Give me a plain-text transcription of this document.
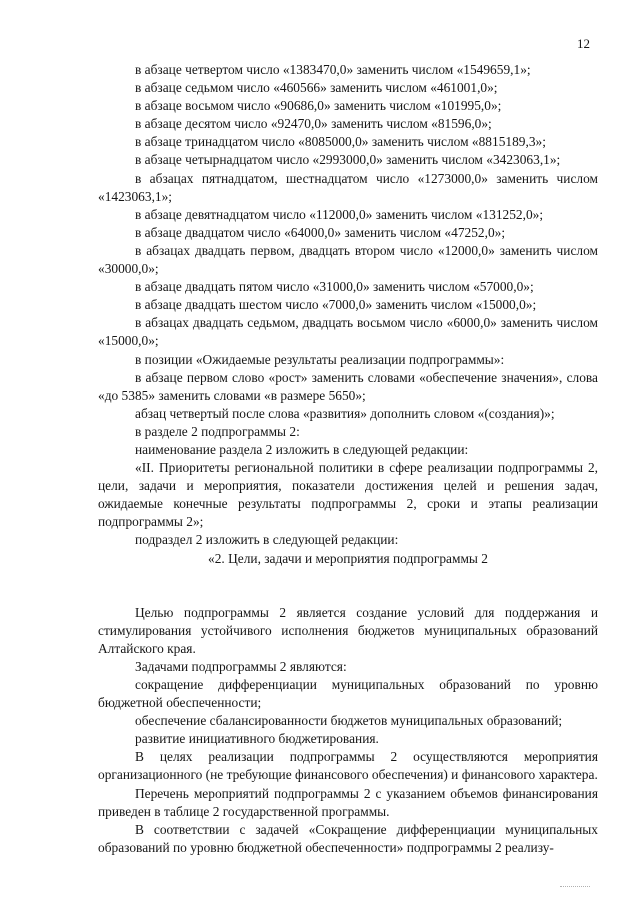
12

в абзаце четвертом число «1383470,0» заменить числом «1549659,1»;

в абзаце седьмом число «460566» заменить числом «461001,0»;

в абзаце восьмом число «90686,0» заменить числом «101995,0»;

в абзаце десятом число «92470,0» заменить числом «81596,0»;

в абзаце тринадцатом число «8085000,0» заменить числом «8815189,3»;

в абзаце четырнадцатом число «2993000,0» заменить числом «3423063,1»;

в абзацах пятнадцатом, шестнадцатом число «1273000,0» заменить числом «1423063,1»;

в абзаце девятнадцатом число «112000,0» заменить числом «131252,0»;

в абзаце двадцатом число «64000,0» заменить числом «47252,0»;

в абзацах двадцать первом, двадцать втором число «12000,0» заменить числом «30000,0»;

в абзаце двадцать пятом число «31000,0» заменить числом «57000,0»;

в абзаце двадцать шестом число «7000,0» заменить числом «15000,0»;

в абзацах двадцать седьмом, двадцать восьмом число «6000,0» заменить числом «15000,0»;

в позиции «Ожидаемые результаты реализации подпрограммы»:

в абзаце первом слово «рост» заменить словами «обеспечение значения», слова «до 5385» заменить словами «в размере 5650»;

абзац четвертый после слова «развития» дополнить словом «(создания)»;

в разделе 2 подпрограммы 2:

наименование раздела 2 изложить в следующей редакции:

«II. Приоритеты региональной политики в сфере реализации подпрограммы 2, цели, задачи и мероприятия, показатели достижения целей и решения задач, ожидаемые конечные результаты подпрограммы 2, сроки и этапы реализации подпрограммы 2»;

подраздел 2 изложить в следующей редакции:

«2. Цели, задачи и мероприятия подпрограммы 2

Целью подпрограммы 2 является создание условий для поддержания и стимулирования устойчивого исполнения бюджетов муниципальных образований Алтайского края.

Задачами подпрограммы 2 являются:

сокращение дифференциации муниципальных образований по уровню бюджетной обеспеченности;

обеспечение сбалансированности бюджетов муниципальных образований;

развитие инициативного бюджетирования.

В целях реализации подпрограммы 2 осуществляются мероприятия организационного (не требующие финансового обеспечения) и финансового характера.

Перечень мероприятий подпрограммы 2 с указанием объемов финансирования приведен в таблице 2 государственной программы.

В соответствии с задачей «Сокращение дифференциации муниципальных образований по уровню бюджетной обеспеченности» подпрограммы 2 реализу-
